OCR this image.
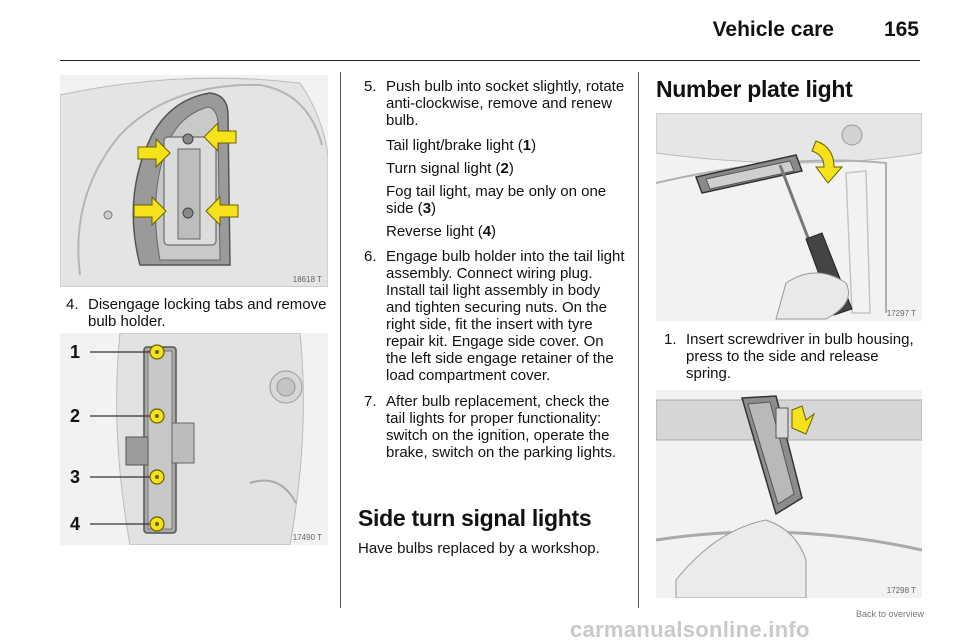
Vehicle care 165
18618 T
4. Disengage locking tabs and remove bulb holder.
1
2
3
4
17490 T
5. Push bulb into socket slightly, rotate anti-clockwise, remove and renew bulb.
Tail light/brake light (1)
Turn signal light (2)
Fog tail light, may be only on one side (3)
Reverse light (4)
6. Engage bulb holder into the tail light assembly. Connect wiring plug. Install tail light assembly in body and tighten securing nuts. On the right side, fit the insert with tyre repair kit. Engage side cover. On the left side engage retainer of the load compartment cover.
7. After bulb replacement, check the tail lights for proper functionality: switch on the ignition, operate the brake, switch on the parking lights.
Side turn signal lights
Have bulbs replaced by a workshop.
Number plate light
17297 T
1. Insert screwdriver in bulb housing, press to the side and release spring.
17298 T
Back to overview
carmanualsonline.info
